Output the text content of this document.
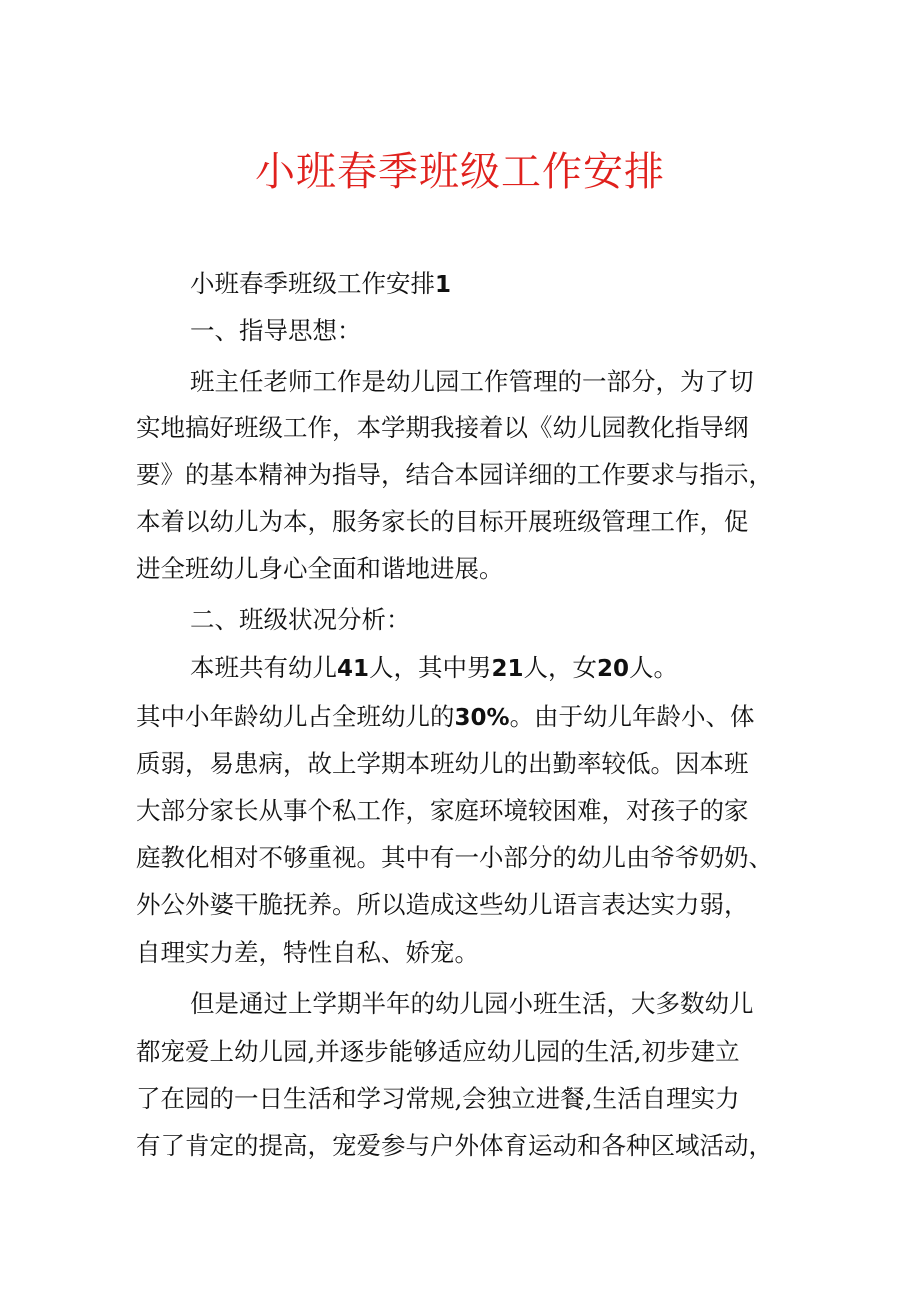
小班春季班级工作安排
小班春季班级工作安排1
一、指导思想：
班主任老师工作是幼儿园工作管理的一部分，为了切
实地搞好班级工作，本学期我接着以《幼儿园教化指导纲
要》的基本精神为指导，结合本园详细的工作要求与指示，
本着以幼儿为本，服务家长的目标开展班级管理工作，促
进全班幼儿身心全面和谐地进展。
二、班级状况分析：
本班共有幼儿41人，其中男21人，女20人。
其中小年龄幼儿占全班幼儿的30%。由于幼儿年龄小、体
质弱，易患病，故上学期本班幼儿的出勤率较低。因本班
大部分家长从事个私工作，家庭环境较困难，对孩子的家
庭教化相对不够重视。其中有一小部分的幼儿由爷爷奶奶、
外公外婆干脆抚养。所以造成这些幼儿语言表达实力弱，
自理实力差，特性自私、娇宠。
但是通过上学期半年的幼儿园小班生活，大多数幼儿
都宠爱上幼儿园,并逐步能够适应幼儿园的生活,初步建立
了在园的一日生活和学习常规,会独立进餐,生活自理实力
有了肯定的提高，宠爱参与户外体育运动和各种区域活动，
